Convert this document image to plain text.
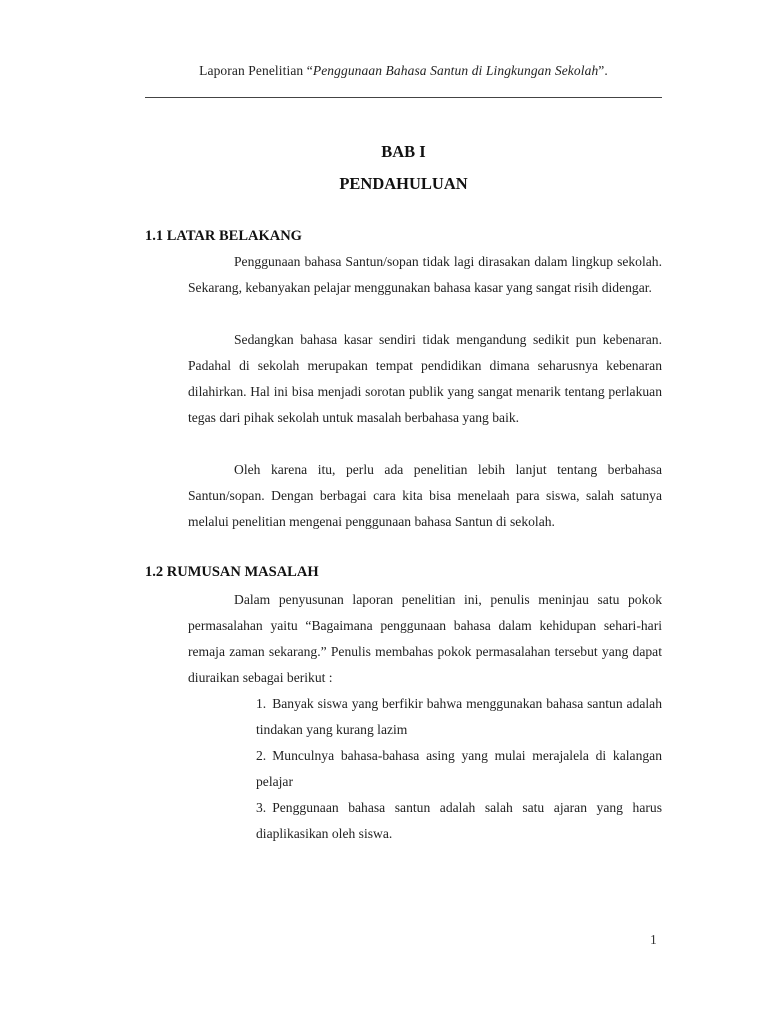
Laporan Penelitian “Penggunaan Bahasa Santun di Lingkungan Sekolah”.
BAB I
PENDAHULUAN
1.1 LATAR BELAKANG
Penggunaan bahasa Santun/sopan tidak lagi dirasakan dalam lingkup sekolah. Sekarang, kebanyakan pelajar menggunakan bahasa kasar yang sangat risih didengar.
Sedangkan bahasa kasar sendiri tidak mengandung sedikit pun kebenaran. Padahal di sekolah merupakan tempat pendidikan dimana seharusnya kebenaran dilahirkan. Hal ini bisa menjadi sorotan publik yang sangat menarik tentang perlakuan tegas dari pihak sekolah untuk masalah berbahasa yang baik.
Oleh karena itu, perlu ada penelitian lebih lanjut tentang berbahasa Santun/sopan. Dengan berbagai cara kita bisa menelaah para siswa, salah satunya melalui penelitian mengenai penggunaan bahasa Santun di sekolah.
1.2 RUMUSAN MASALAH
Dalam penyusunan laporan penelitian ini, penulis meninjau satu pokok permasalahan yaitu “Bagaimana penggunaan bahasa dalam kehidupan sehari-hari remaja zaman sekarang.” Penulis membahas pokok permasalahan tersebut yang dapat diuraikan sebagai berikut :
1. Banyak siswa yang berfikir bahwa menggunakan bahasa santun adalah tindakan yang kurang lazim
2. Munculnya bahasa-bahasa asing yang mulai merajalela di kalangan pelajar
3. Penggunaan bahasa santun adalah salah satu ajaran yang harus diaplikasikan oleh siswa.
1
